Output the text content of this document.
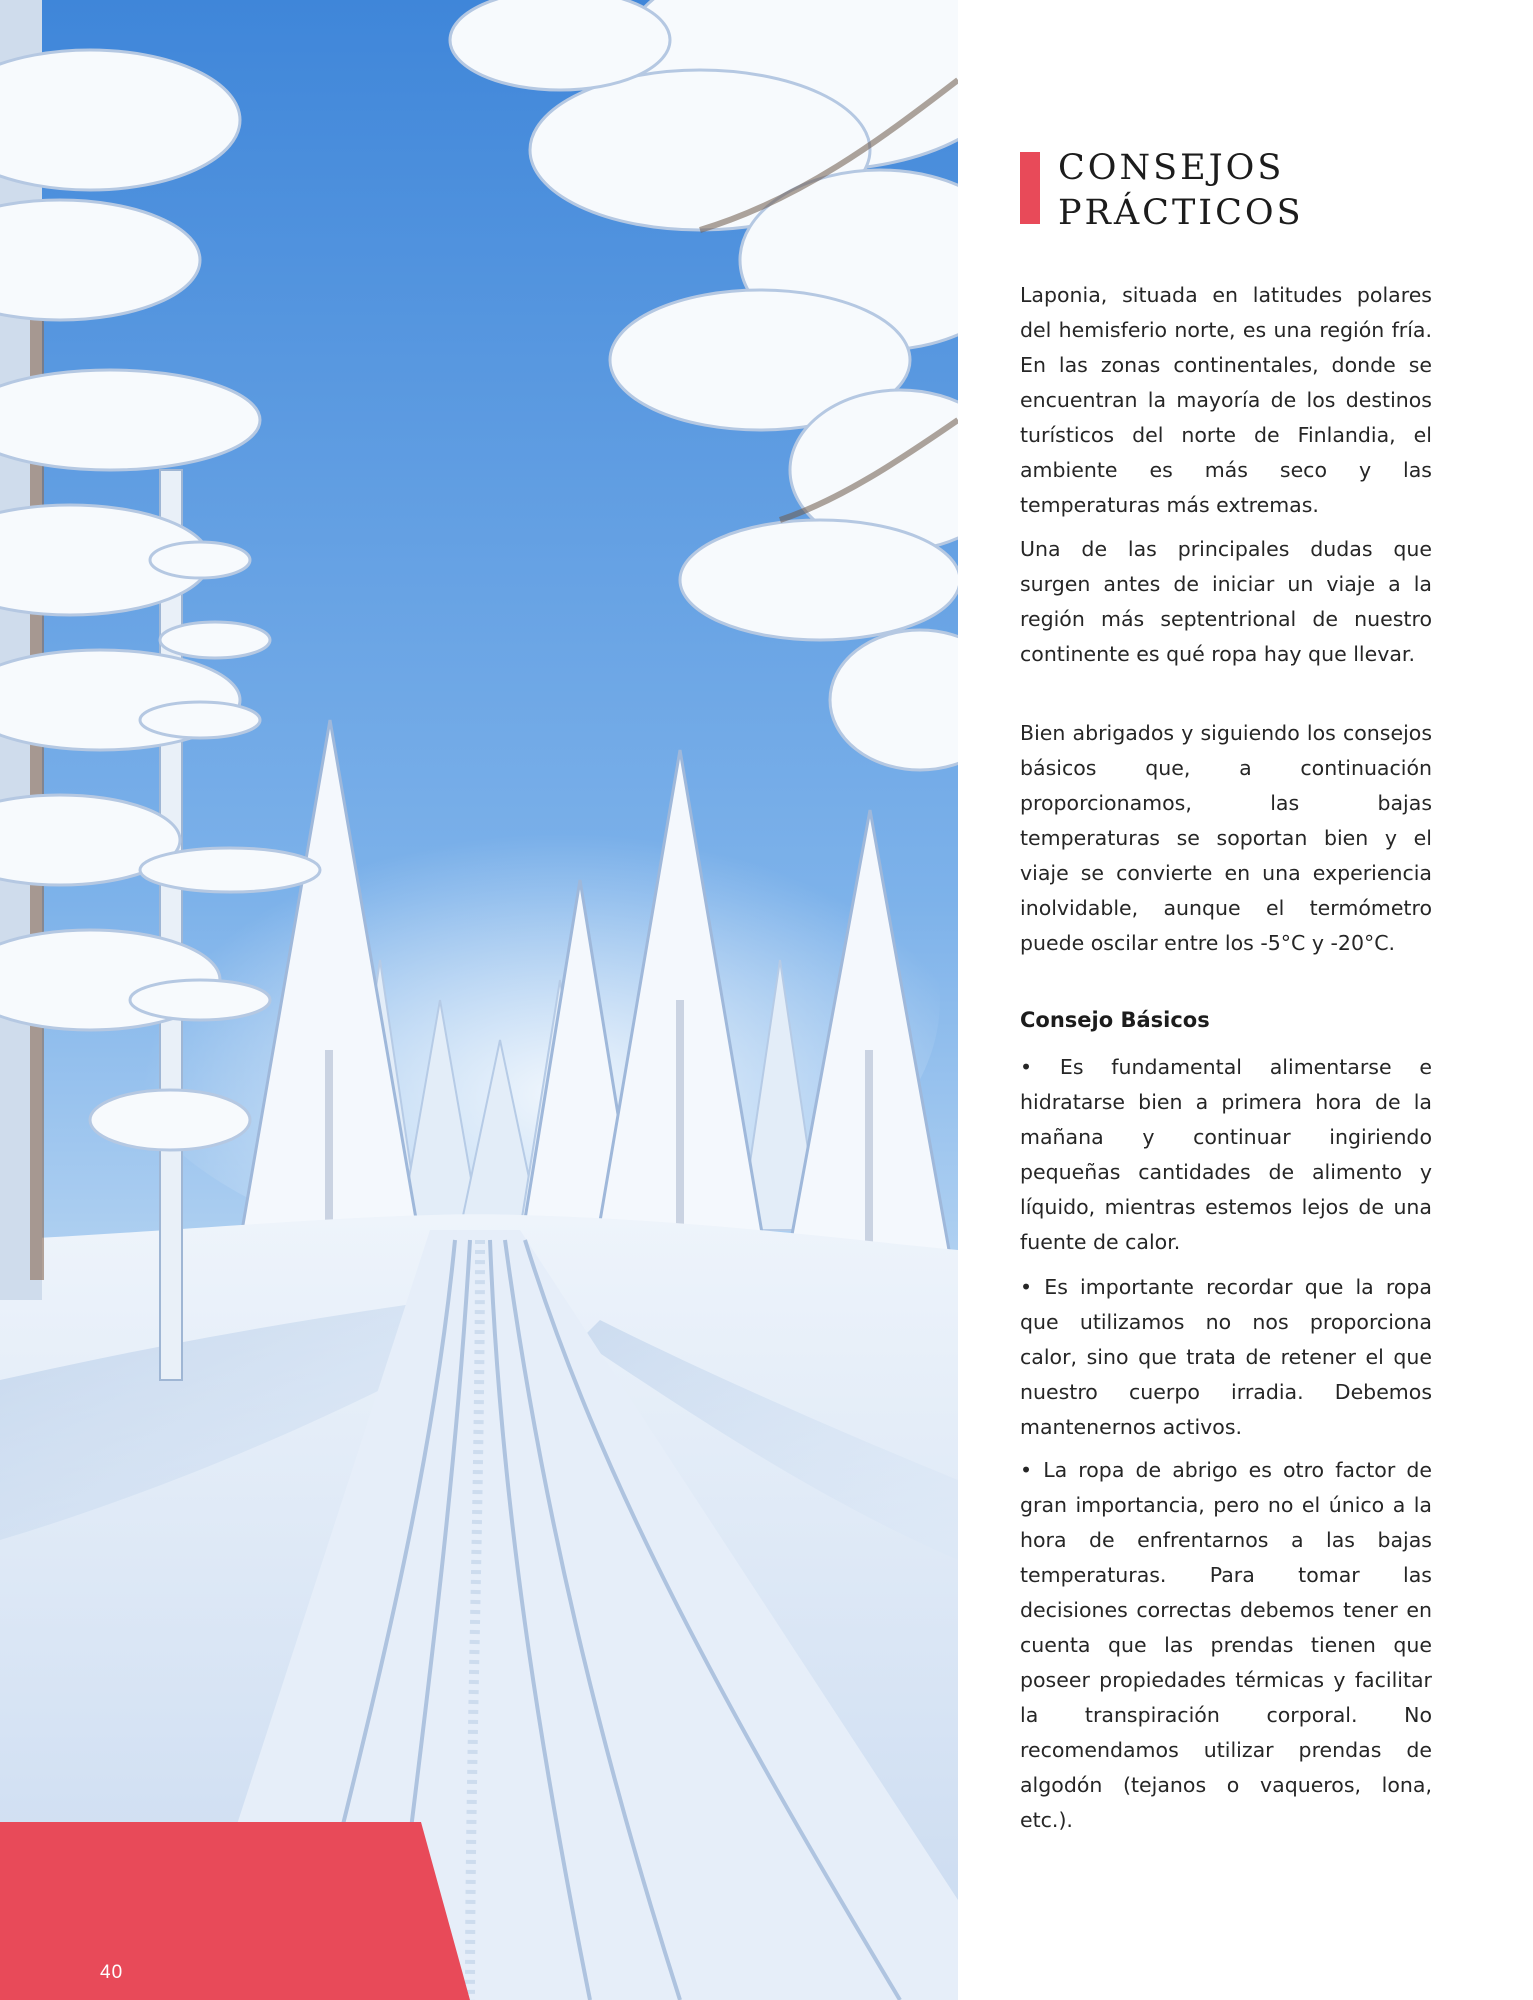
40
CONSEJOS
PRÁCTICOS

Laponia, situada en latitudes polares del hemisferio norte, es una región fría. En las zonas continentales, donde se encuentran la mayoría de los destinos turísticos del norte de Finlandia, el ambiente es más seco y las temperaturas más extremas.

Una de las principales dudas que surgen antes de iniciar un viaje a la región más septentrional de nuestro continente es qué ropa hay que llevar.

Bien abrigados y siguiendo los consejos básicos que, a continuación proporcionamos, las bajas temperaturas se soportan bien y el viaje se convierte en una experiencia inolvidable, aunque el termómetro puede oscilar entre los -5°C y -20°C.

Consejo Básicos

• Es fundamental alimentarse e hidratarse bien a primera hora de la mañana y continuar ingiriendo pequeñas cantidades de alimento y líquido, mientras estemos lejos de una fuente de calor.

• Es importante recordar que la ropa que utilizamos no nos proporciona calor, sino que trata de retener el que nuestro cuerpo irradia. Debemos mantenernos activos.

• La ropa de abrigo es otro factor de gran importancia, pero no el único a la hora de enfrentarnos a las bajas temperaturas. Para tomar las decisiones correctas debemos tener en cuenta que las prendas tienen que poseer propiedades térmicas y facilitar la transpiración corporal. No recomendamos utilizar prendas de algodón (tejanos o vaqueros, lona, etc.).
